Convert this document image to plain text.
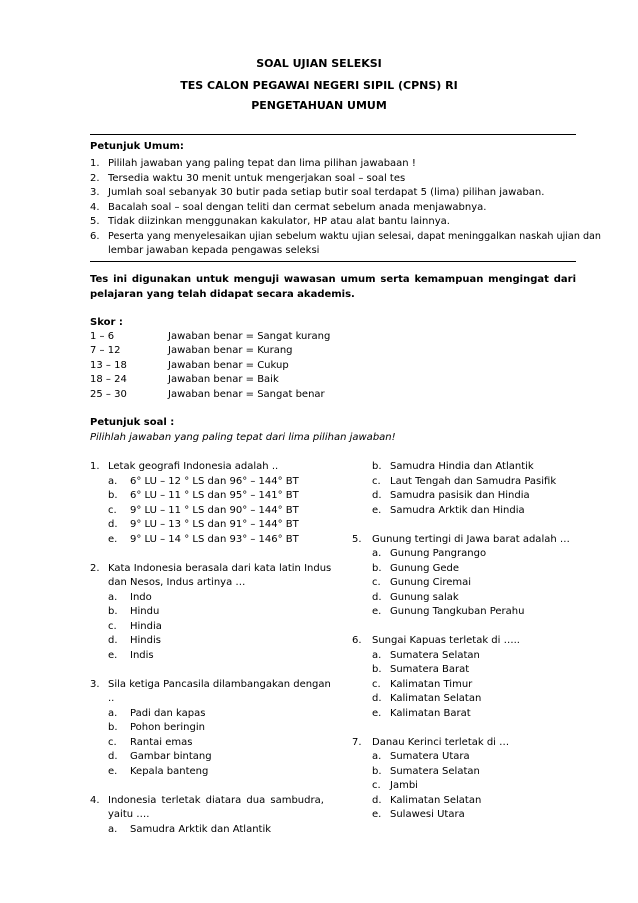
SOAL UJIAN SELEKSI
TES CALON PEGAWAI NEGERI SIPIL (CPNS) RI
PENGETAHUAN UMUM
Petunjuk Umum:
1. Pililah jawaban yang paling tepat dan lima pilihan jawabaan !
2. Tersedia waktu 30 menit untuk mengerjakan soal – soal tes
3. Jumlah soal sebanyak 30 butir pada setiap butir soal terdapat 5 (lima) pilihan jawaban.
4. Bacalah soal – soal dengan teliti dan cermat sebelum anada menjawabnya.
5. Tidak diizinkan menggunakan kakulator, HP atau alat bantu lainnya.
6. Peserta yang menyelesaikan ujian sebelum waktu ujian selesai, dapat meninggalkan naskah ujian dan
lembar jawaban kepada pengawas seleksi
Tes ini digunakan untuk menguji wawasan umum serta kemampuan mengingat dari pelajaran yang telah didapat secara akademis.
Skor :
1 – 6	Jawaban benar = Sangat kurang
7 – 12	Jawaban benar = Kurang
13 – 18	Jawaban benar = Cukup
18 – 24	Jawaban benar = Baik
25 – 30	Jawaban benar = Sangat benar
Petunjuk soal :
Pilihlah jawaban yang paling tepat dari lima pilihan jawaban!
1. Letak geografi Indonesia adalah ..
a. 6° LU – 12 ° LS dan 96° – 144° BT
b. 6° LU – 11 ° LS dan 95° – 141° BT
c. 9° LU – 11 ° LS dan 90° – 144° BT
d. 9° LU – 13 ° LS dan 91° – 144° BT
e. 9° LU – 14 ° LS dan 93° – 146° BT
2. Kata Indonesia berasala dari kata latin Indus
dan Nesos, Indus artinya …
a. Indo
b. Hindu
c. Hindia
d. Hindis
e. Indis
3. Sila ketiga Pancasila dilambangakan dengan
..
a. Padi dan kapas
b. Pohon beringin
c. Rantai emas
d. Gambar bintang
e. Kepala banteng
4. Indonesia terletak diatara dua sambudra,
yaitu ….
a. Samudra Arktik dan Atlantik
b. Samudra Hindia dan Atlantik
c. Laut Tengah dan Samudra Pasifik
d. Samudra pasisik dan Hindia
e. Samudra Arktik dan Hindia
5. Gunung tertingi di Jawa barat adalah …
a. Gunung Pangrango
b. Gunung Gede
c. Gunung Ciremai
d. Gunung salak
e. Gunung Tangkuban Perahu
6. Sungai Kapuas terletak di …..
a. Sumatera Selatan
b. Sumatera Barat
c. Kalimatan Timur
d. Kalimatan Selatan
e. Kalimatan Barat
7. Danau Kerinci terletak di …
a. Sumatera Utara
b. Sumatera Selatan
c. Jambi
d. Kalimatan Selatan
e. Sulawesi Utara
